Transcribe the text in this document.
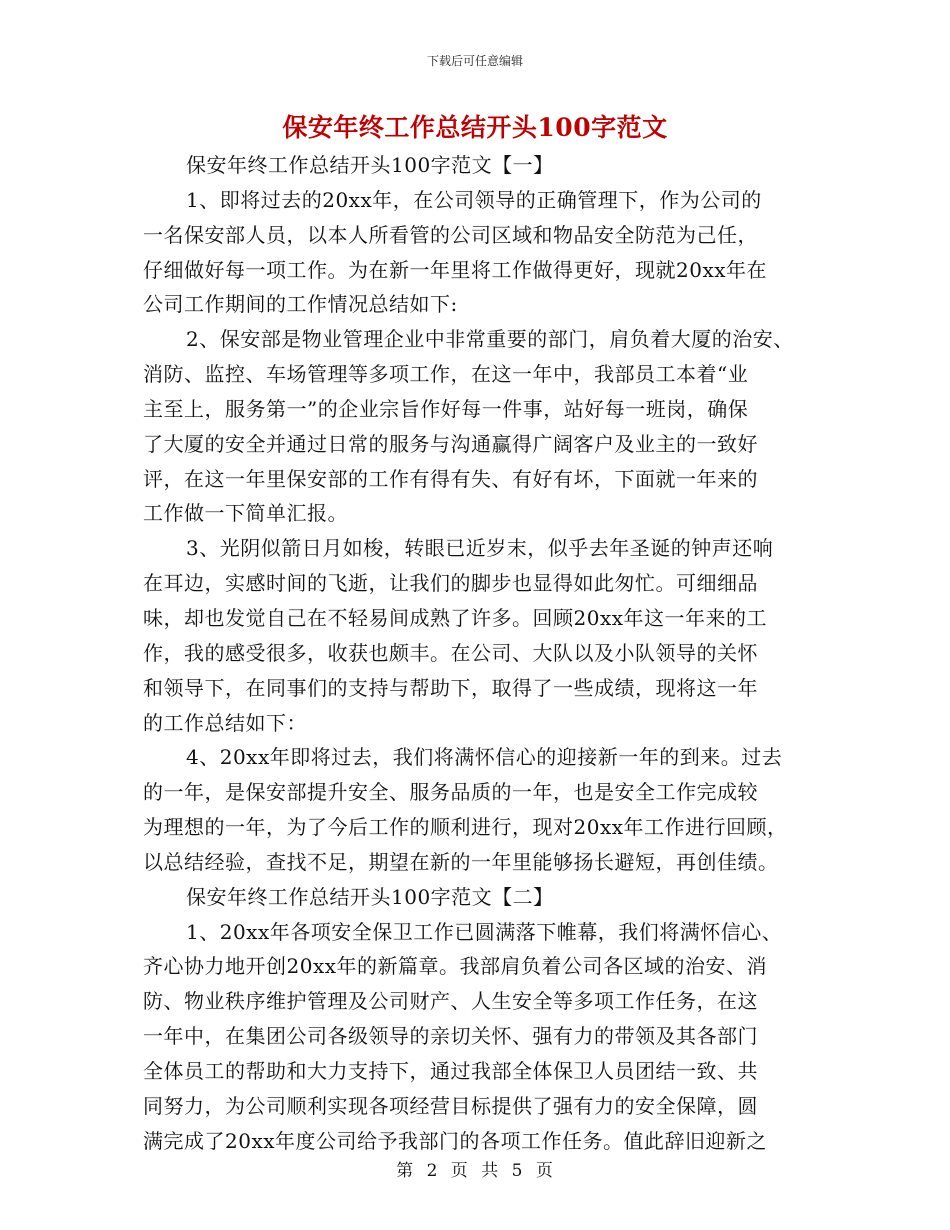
下载后可任意编辑
保安年终工作总结开头100字范文
保安年终工作总结开头100字范文【一】
1、即将过去的20xx年，在公司领导的正确管理下，作为公司的
一名保安部人员，以本人所看管的公司区域和物品安全防范为己任，
仔细做好每一项工作。为在新一年里将工作做得更好，现就20xx年在
公司工作期间的工作情况总结如下:
2、保安部是物业管理企业中非常重要的部门，肩负着大厦的治安、
消防、监控、车场管理等多项工作，在这一年中，我部员工本着“业
主至上，服务第一”的企业宗旨作好每一件事，站好每一班岗，确保
了大厦的安全并通过日常的服务与沟通赢得广阔客户及业主的一致好
评，在这一年里保安部的工作有得有失、有好有坏，下面就一年来的
工作做一下简单汇报。
3、光阴似箭日月如梭，转眼已近岁末，似乎去年圣诞的钟声还响
在耳边，实感时间的飞逝，让我们的脚步也显得如此匆忙。可细细品
味，却也发觉自己在不轻易间成熟了许多。回顾20xx年这一年来的工
作，我的感受很多，收获也颇丰。在公司、大队以及小队领导的关怀
和领导下，在同事们的支持与帮助下，取得了一些成绩，现将这一年
的工作总结如下：
4、20xx年即将过去，我们将满怀信心的迎接新一年的到来。过去
的一年，是保安部提升安全、服务品质的一年，也是安全工作完成较
为理想的一年，为了今后工作的顺利进行，现对20xx年工作进行回顾，
以总结经验，查找不足，期望在新的一年里能够扬长避短，再创佳绩。
保安年终工作总结开头100字范文【二】
1、20xx年各项安全保卫工作已圆满落下帷幕，我们将满怀信心、
齐心协力地开创20xx年的新篇章。我部肩负着公司各区域的治安、消
防、物业秩序维护管理及公司财产、人生安全等多项工作任务，在这
一年中，在集团公司各级领导的亲切关怀、强有力的带领及其各部门
全体员工的帮助和大力支持下，通过我部全体保卫人员团结一致、共
同努力，为公司顺利实现各项经营目标提供了强有力的安全保障，圆
满完成了20xx年度公司给予我部门的各项工作任务。值此辞旧迎新之
第 2 页 共 5 页
